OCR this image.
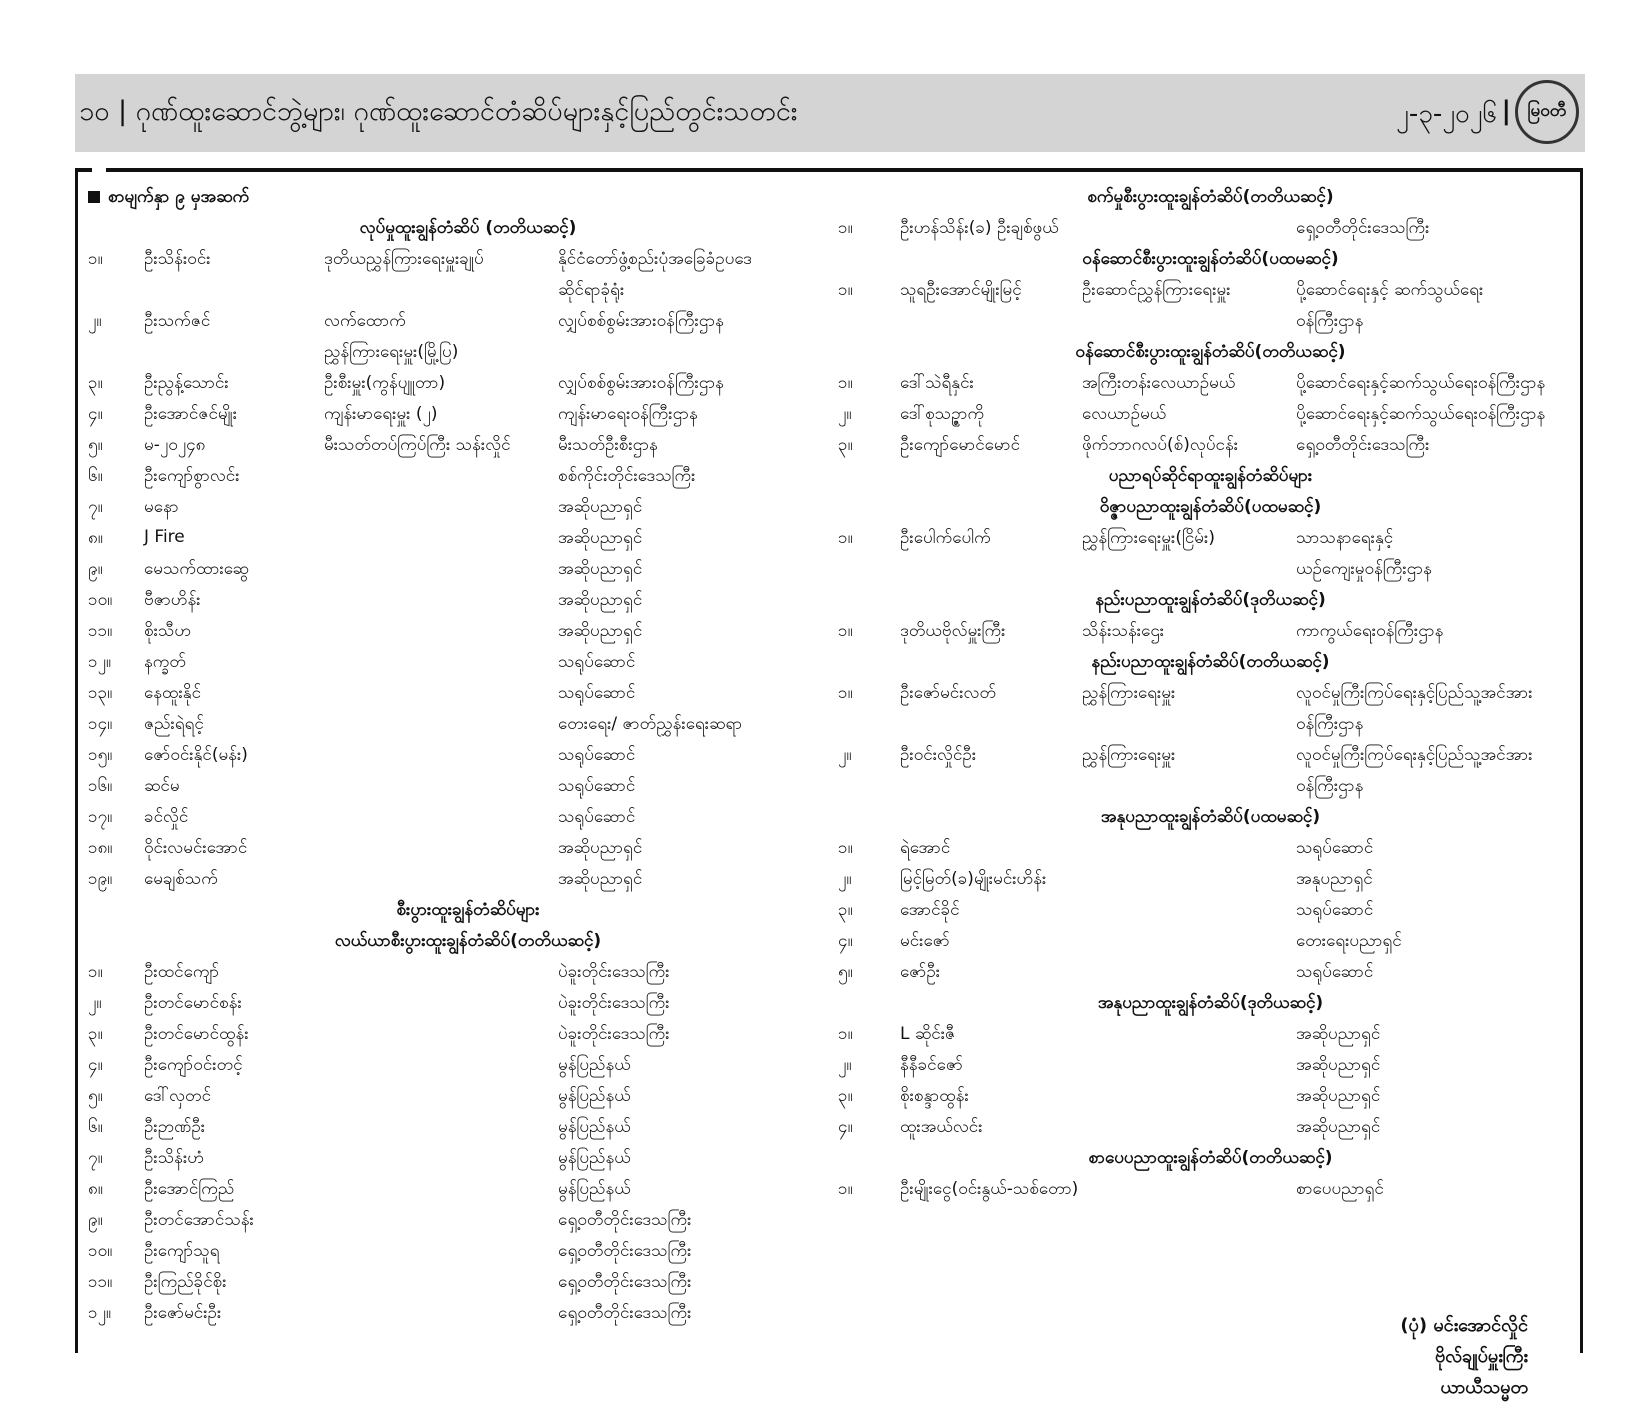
၁၀ | ဂုဏ်ထူးဆောင်ဘွဲ့များ၊ ဂုဏ်ထူးဆောင်တံဆိပ်များနှင့်ပြည်တွင်းသတင်း	၂-၃-၂၀၂၆ | မြဝတီ
စာမျက်နှာ ၉ မှအဆက်
လုပ်မှုထူးချွန်တံဆိပ် (တတိယဆင့်)
၁။ ဦးသိန်းဝင်း	ဒုတိယညွှန်ကြားရေးမှူးချုပ်	နိုင်ငံတော်ဖွံ့စည်းပုံအခြေခံဥပဒေ
ဆိုင်ရာခုံရုံး
၂။	ဦးသက်ဇင်	လက်ထောက်	လျှပ်စစ်စွမ်းအားဝန်ကြီးဌာန
ညွှန်ကြားရေးမှူး(မြို့ပြ)
၃။ ဦးညွန့်သောင်း	ဦးစီးမှူး(ကွန်ပျူတာ)	လျှပ်စစ်စွမ်းအားဝန်ကြီးဌာန
၄။ ဦးအောင်ဇင်မျိုး	ကျန်းမာရေးမှူး (၂)	ကျန်းမာရေးဝန်ကြီးဌာန
၅။ မ-၂၀၂၄၈	မီးသတ်တပ်ကြပ်ကြီး သန်းလှိုင်	မီးသတ်ဦးစီးဌာန
၆။ ဦးကျော်စွာလင်း	စစ်ကိုင်းတိုင်းဒေသကြီး
၇။ မနော	အဆိုပညာရှင်
၈။ J Fire	အဆိုပညာရှင်
၉။ မေသက်ထားဆွေ	အဆိုပညာရှင်
၁၀။ ဗီဇာဟိန်း	အဆိုပညာရှင်
၁၁။ စိုးသီဟ	အဆိုပညာရှင်
၁၂။ နက္ခတ်	သရုပ်ဆောင်
၁၃။ နေထူးနိုင်	သရုပ်ဆောင်
၁၄။ ဇည်းရဲရင့်	တေးရေး/ ဇာတ်ညွှန်းရေးဆရာ
၁၅။ ဇော်ဝင်းနိုင်(မန်း)	သရုပ်ဆောင်
၁၆။ ဆင်မ	သရုပ်ဆောင်
၁၇။ ခင်လှိုင်	သရုပ်ဆောင်
၁၈။ ဝိုင်းလမင်းအောင်	အဆိုပညာရှင်
၁၉။ မေချစ်သက်	အဆိုပညာရှင်
စီးပွားထူးချွန်တံဆိပ်များ
လယ်ယာစီးပွားထူးချွန်တံဆိပ်(တတိယဆင့်)
၁။ ဦးထင်ကျော်	ပဲခူးတိုင်းဒေသကြီး
၂။	ဦးတင်မောင်စန်း	ပဲခူးတိုင်းဒေသကြီး
၃။ ဦးတင်မောင်ထွန်း	ပဲခူးတိုင်းဒေသကြီး
၄။ ဦးကျော်ဝင်းတင့်	မွန်ပြည်နယ်
၅။ ဒေါ်လှတင်	မွန်ပြည်နယ်
၆။ ဦးဉာဏ်ဦး	မွန်ပြည်နယ်
၇။ ဦးသိန်းဟံ	မွန်ပြည်နယ်
၈။ ဦးအောင်ကြည်	မွန်ပြည်နယ်
၉။ ဦးတင်အောင်သန်း	ရှေ့ဝတီတိုင်းဒေသကြီး
၁၀။ ဦးကျော်သူရ	ရှေ့ဝတီတိုင်းဒေသကြီး
၁၁။ ဦးကြည်ခိုင်စိုး	ရှေ့ဝတီတိုင်းဒေသကြီး
၁၂။ ဦးဇော်မင်းဦး	ရှေ့ဝတီတိုင်းဒေသကြီး
စက်မှုစီးပွားထူးချွန်တံဆိပ်(တတိယဆင့်)
၁။	ဦးဟန်သိန်း(ခ) ဦးချစ်ဖွယ်	ရှေ့ဝတီတိုင်းဒေသကြီး
ဝန်ဆောင်စီးပွားထူးချွန်တံဆိပ်(ပထမဆင့်)
၁။	သူရဦးအောင်မျိုးမြင့်	ဦးဆောင်ညွှန်ကြားရေးမှူး	ပို့ဆောင်ရေးနှင့် ဆက်သွယ်ရေး
ဝန်ကြီးဌာန
ဝန်ဆောင်စီးပွားထူးချွန်တံဆိပ်(တတိယဆင့်)
၁။	ဒေါ်သဲရီနှင်း	အကြီးတန်းလေယာဉ်မယ်	ပို့ဆောင်ရေးနှင့်ဆက်သွယ်ရေးဝန်ကြီးဌာန
၂။	ဒေါ်စုသဉ္ဇာကို	လေယာဉ်မယ်	ပို့ဆောင်ရေးနှင့်ဆက်သွယ်ရေးဝန်ကြီးဌာန
၃။	ဦးကျော်မောင်မောင်	ဖိုက်ဘာဂလပ်(စ်)လုပ်ငန်း	ရှေ့ဝတီတိုင်းဒေသကြီး
ပညာရပ်ဆိုင်ရာထူးချွန်တံဆိပ်များ
ဝိဇ္ဇာပညာထူးချွန်တံဆိပ်(ပထမဆင့်)
၁။	ဦးပေါက်ပေါက်	ညွှန်ကြားရေးမှူး(ငြိမ်း)	သာသနာရေးနှင့်
ယဉ်ကျေးမှုဝန်ကြီးဌာန
နည်းပညာထူးချွန်တံဆိပ်(ဒုတိယဆင့်)
၁။	ဒုတိယဗိုလ်မှူးကြီး	သိန်းသန်းဌေး	ကာကွယ်ရေးဝန်ကြီးဌာန
နည်းပညာထူးချွန်တံဆိပ်(တတိယဆင့်)
၁။	ဦးဇော်မင်းလတ်	ညွှန်ကြားရေးမှူး	လူဝင်မှုကြီးကြပ်ရေးနှင့်ပြည်သူ့အင်အား
ဝန်ကြီးဌာန
၂။	ဦးဝင်းလှိုင်ဦး	ညွှန်ကြားရေးမှူး	လူဝင်မှုကြီးကြပ်ရေးနှင့်ပြည်သူ့အင်အား
ဝန်ကြီးဌာန
အနုပညာထူးချွန်တံဆိပ်(ပထမဆင့်)
၁။	ရဲအောင်	သရုပ်ဆောင်
၂။	မြင့်မြတ်(ခ)မျိုးမင်းဟိန်း	အနုပညာရှင်
၃။	အောင်ခိုင်	သရုပ်ဆောင်
၄။	မင်းဇော်	တေးရေးပညာရှင်
၅။	ဇော်ဦး	သရုပ်ဆောင်
အနုပညာထူးချွန်တံဆိပ်(ဒုတိယဆင့်)
၁။	L ဆိုင်းဇီ	အဆိုပညာရှင်
၂။	နီနီခင်ဇော်	အဆိုပညာရှင်
၃။	စိုးစန္ဒာထွန်း	အဆိုပညာရှင်
၄။	ထူးအယ်လင်း	အဆိုပညာရှင်
စာပေပညာထူးချွန်တံဆိပ်(တတိယဆင့်)
၁။	ဦးမျိုးငွေ(ဝင်းနွယ်-သစ်တော)	စာပေပညာရှင်
(ပုံ) မင်းအောင်လှိုင်
ဗိုလ်ချုပ်မှူးကြီး
ယာယီသမ္မတ
